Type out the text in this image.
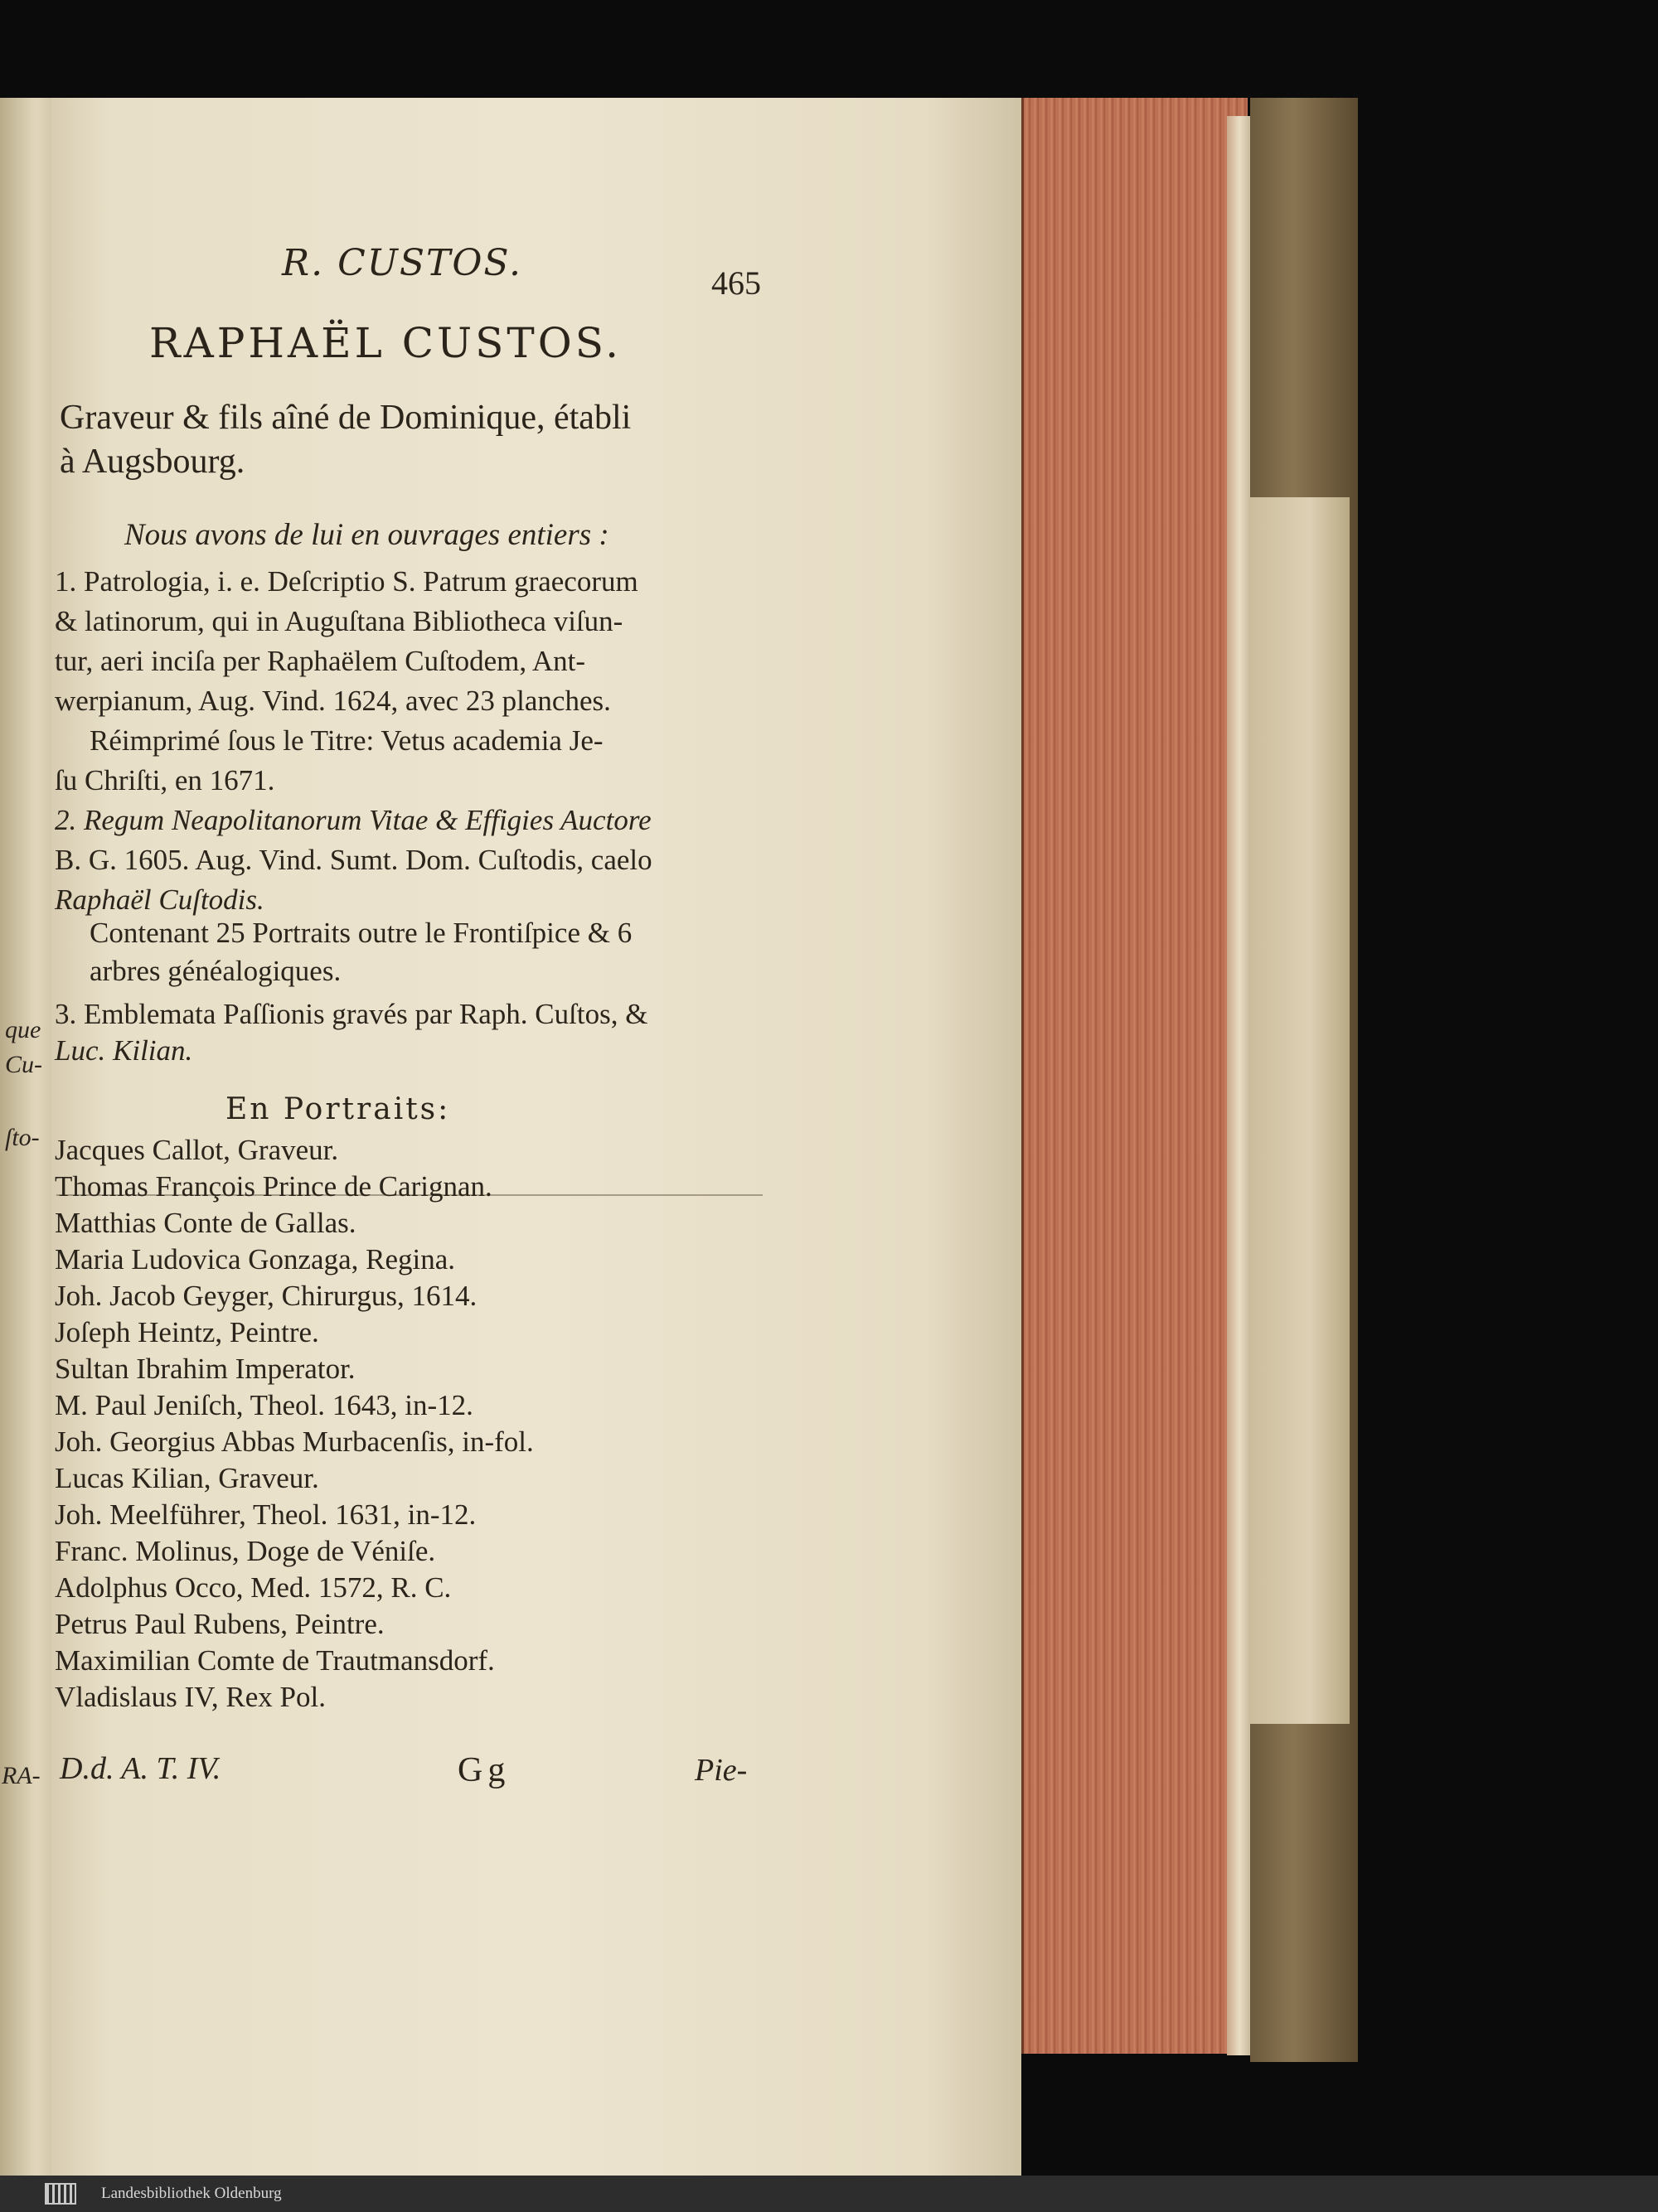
que
Cu-
ſto-
RA-
R. CUSTOS.	465
RAPHAËL CUSTOS.
Graveur & fils aîné de Dominique, établi
à Augsbourg.
Nous avons de lui en ouvrages entiers :
1. Patrologia, i. e. Deſcriptio S. Patrum graecorum
& latinorum, qui in Auguſtana Bibliotheca viſun-
tur, aeri inciſa per Raphaëlem Cuſtodem, Ant-
werpianum, Aug. Vind. 1624, avec 23 planches.
Réimprimé ſous le Titre: Vetus academia Je-
ſu Chriſti, en 1671.
2. Regum Neapolitanorum Vitae & Effigies Auctore
B. G. 1605. Aug. Vind. Sumt. Dom. Cuſtodis, caelo
Raphaël Cuſtodis.
Contenant 25 Portraits outre le Frontiſpice & 6
arbres généalogiques.
3. Emblemata Paſſionis gravés par Raph. Cuſtos, &
Luc. Kilian.
En Portraits:
Jacques Callot, Graveur.
Thomas François Prince de Carignan.
Matthias Conte de Gallas.
Maria Ludovica Gonzaga, Regina.
Joh. Jacob Geyger, Chirurgus, 1614.
Joſeph Heintz, Peintre.
Sultan Ibrahim Imperator.
M. Paul Jeniſch, Theol. 1643, in-12.
Joh. Georgius Abbas Murbacenſis, in-fol.
Lucas Kilian, Graveur.
Joh. Meelführer, Theol. 1631, in-12.
Franc. Molinus, Doge de Véniſe.
Adolphus Occo, Med. 1572, R. C.
Petrus Paul Rubens, Peintre.
Maximilian Comte de Trautmansdorf.
Vladislaus IV, Rex Pol.
D.d. A. T. IV.	Gg	Pie-
Landesbibliothek Oldenburg
